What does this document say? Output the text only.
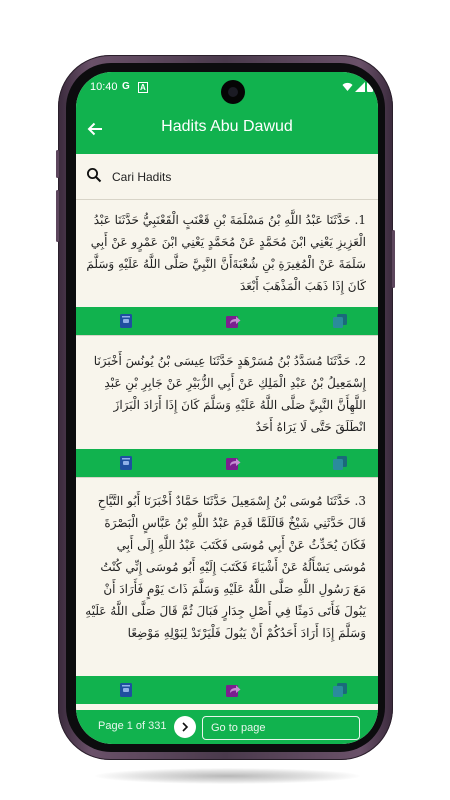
10:40 G A
Hadits Abu Dawud
Cari Hadits
1. حَدَّثَنَا عَبْدُ اللَّهِ بْنُ مَسْلَمَةَ بْنِ قَعْنَبٍ الْقَعْنَبِيُّ حَدَّثَنَا عَبْدُ الْعَزِيزِ يَعْنِي ابْنَ مُحَمَّدٍ عَنْ مُحَمَّدٍ يَعْنِي ابْنَ عَمْرٍو عَنْ أَبِي سَلَمَةَ عَنْ الْمُغِيرَةِ بْنِ شُعْبَةَأَنَّ النَّبِيَّ صَلَّى اللَّهُ عَلَيْهِ وَسَلَّمَ كَانَ إِذَا ذَهَبَ الْمَذْهَبَ أَبْعَدَ
2. حَدَّثَنَا مُسَدَّدُ بْنُ مُسَرْهَدٍ حَدَّثَنَا عِيسَى بْنُ يُونُسَ أَخْبَرَنَا إِسْمَعِيلُ بْنُ عَبْدِ الْمَلِكِ عَنْ أَبِي الزُّبَيْرِ عَنْ جَابِرِ بْنِ عَبْدِ اللَّهِأَنَّ النَّبِيَّ صَلَّى اللَّهُ عَلَيْهِ وَسَلَّمَ كَانَ إِذَا أَرَادَ الْبَرَازَ انْطَلَقَ حَتَّى لَا يَرَاهُ أَحَدٌ
3. حَدَّثَنَا مُوسَى بْنُ إِسْمَعِيلَ حَدَّثَنَا حَمَّادٌ أَخْبَرَنَا أَبُو التَّيَّاحِ قَالَ حَدَّثَنِي شَيْخٌ قَالَلَمَّا قَدِمَ عَبْدُ اللَّهِ بْنُ عَبَّاسٍ الْبَصْرَةَ فَكَانَ يُحَدِّثُ عَنْ أَبِي مُوسَى فَكَتَبَ عَبْدُ اللَّهِ إِلَى أَبِي مُوسَى يَسْأَلُهُ عَنْ أَشْيَاءَ فَكَتَبَ إِلَيْهِ أَبُو مُوسَى إِنِّي كُنْتُ مَعَ رَسُولِ اللَّهِ صَلَّى اللَّهُ عَلَيْهِ وَسَلَّمَ ذَاتَ يَوْمٍ فَأَرَادَ أَنْ يَبُولَ فَأَتَى دَمِثًا فِي أَصْلِ جِدَارٍ فَبَالَ ثُمَّ قَالَ صَلَّى اللَّهُ عَلَيْهِ وَسَلَّمَ إِذَا أَرَادَ أَحَدُكُمْ أَنْ يَبُولَ فَلْيَرْتَدْ لِبَوْلِهِ مَوْضِعًا
Page 1 of 331
Go to page
